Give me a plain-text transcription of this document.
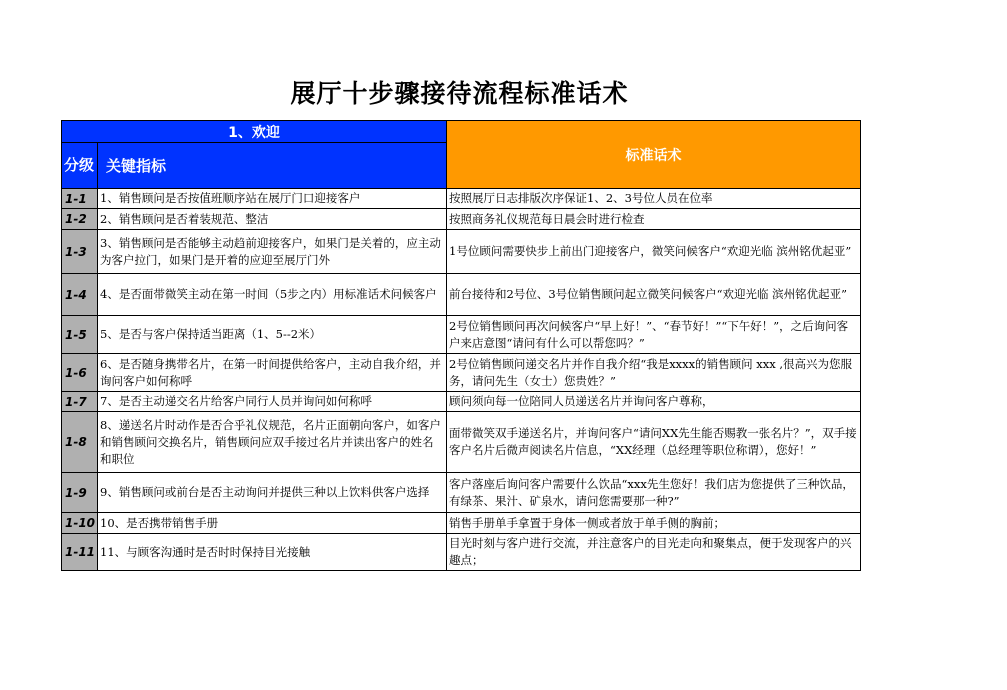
展厅十步骤接待流程标准话术
1、欢迎		标准话术
分级	关键指标	
1-1	1、销售顾问是否按值班顺序站在展厅门口迎接客户	按照展厅日志排版次序保证1、2、3号位人员在位率
1-2	2、销售顾问是否着装规范、整洁	按照商务礼仪规范每日晨会时进行检查
1-3	3、销售顾问是否能够主动趋前迎接客户，如果门是关着的，应主动为客户拉门，如果门是开着的应迎至展厅门外	1号位顾问需要快步上前出门迎接客户，微笑问候客户“欢迎光临 滨州铭优起亚”
1-4	4、是否面带微笑主动在第一时间（5步之内）用标准话术问候客户	前台接待和2号位、3号位销售顾问起立微笑问候客户“欢迎光临 滨州铭优起亚”
1-5	5、是否与客户保持适当距离（1、5--2米）	2号位销售顾问再次问候客户“早上好！”、“春节好！”“下午好！”，之后询问客户来店意图“请问有什么可以帮您吗？”
1-6	6、是否随身携带名片，在第一时间提供给客户，主动自我介绍，并询问客户如何称呼	2号位销售顾问递交名片并作自我介绍“我是xxxx的销售顾问 xxx ,很高兴为您服务，请问先生（女士）您贵姓？”
1-7	7、是否主动递交名片给客户同行人员并询问如何称呼	顾问须向每一位陪同人员递送名片并询问客户尊称，
1-8	8、递送名片时动作是否合乎礼仪规范，名片正面朝向客户，如客户和销售顾问交换名片，销售顾问应双手接过名片并读出客户的姓名和职位	面带微笑双手递送名片，并询问客户“请问XX先生能否赐教一张名片？”，双手接客户名片后微声阅读名片信息，“XX经理（总经理等职位称谓），您好！”
1-9	9、销售顾问或前台是否主动询问并提供三种以上饮料供客户选择	客户落座后询问客户需要什么饮品“xxx先生您好！我们店为您提供了三种饮品，有绿茶、果汁、矿泉水，请问您需要那一种?”
1-10	10、是否携带销售手册	销售手册单手拿置于身体一侧或者放于单手侧的胸前；
1-11	11、与顾客沟通时是否时时保持目光接触	目光时刻与客户进行交流，并注意客户的目光走向和聚集点，便于发现客户的兴趣点；
